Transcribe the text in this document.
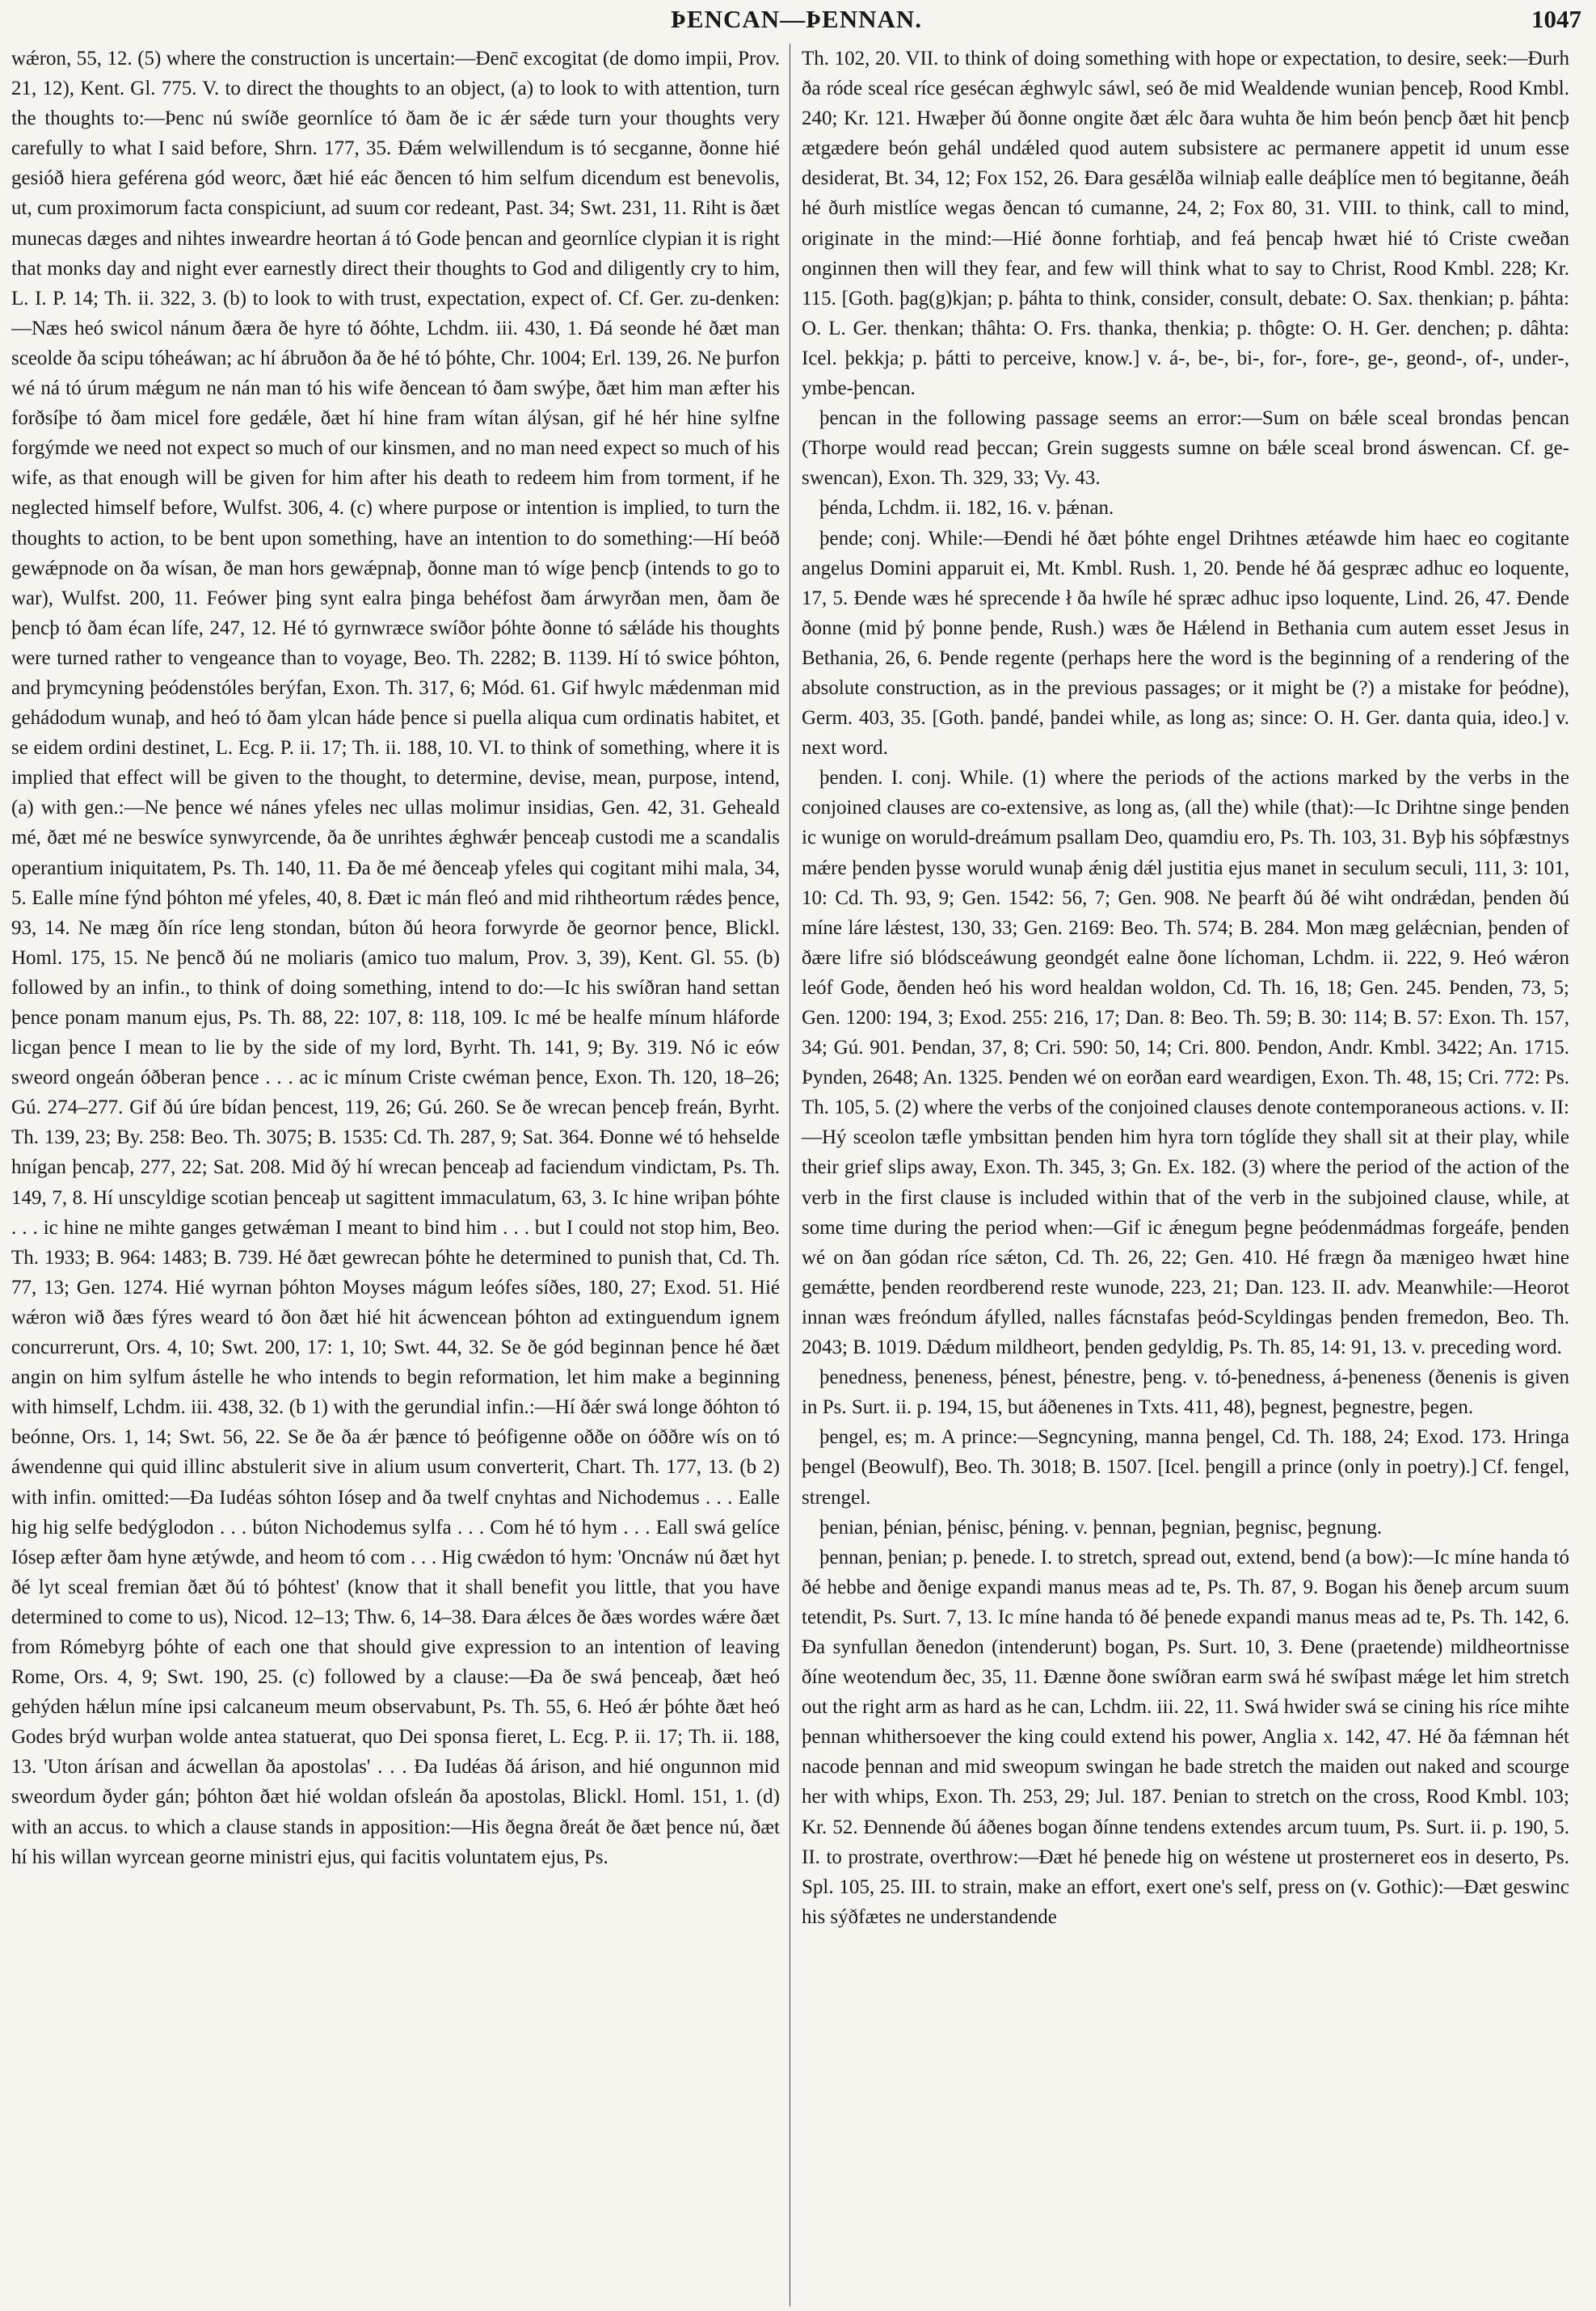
ÞENCAN—ÞENNAN.	1047

wǽron, 55, 12. (5) where the construction is uncertain:—Ðenc̄ excogitat (de domo impii, Prov. 21, 12), Kent. Gl. 775. V. to direct the thoughts to an object, (a) to look to with attention, turn the thoughts to:—Þenc nú swíðe geornlíce tó ðam ðe ic ǽr sǽde turn your thoughts very carefully to what I said before, Shrn. 177, 35. Ðǽm welwillendum is tó secganne, ðonne hié gesióð hiera geférena gód weorc, ðæt hié eác ðencen tó him selfum dicendum est benevolis, ut, cum proximorum facta conspiciunt, ad suum cor redeant, Past. 34; Swt. 231, 11. Riht is ðæt munecas dæges and nihtes inweardre heortan á tó Gode þencan and geornlíce clypian it is right that monks day and night ever earnestly direct their thoughts to God and diligently cry to him, L. I. P. 14; Th. ii. 322, 3. (b) to look to with trust, expectation, expect of. Cf. Ger. zu-denken:—Næs heó swicol nánum ðæra ðe hyre tó ðóhte, Lchdm. iii. 430, 1. Ðá seonde hé ðæt man sceolde ða scipu tóheáwan; ac hí ábruðon ða ðe hé tó þóhte, Chr. 1004; Erl. 139, 26. Ne þurfon wé ná tó úrum mǽgum ne nán man tó his wife ðencean tó ðam swýþe, ðæt him man æfter his forðsíþe tó ðam micel fore gedǽle, ðæt hí hine fram wítan álýsan, gif hé hér hine sylfne forgýmde we need not expect so much of our kinsmen, and no man need expect so much of his wife, as that enough will be given for him after his death to redeem him from torment, if he neglected himself before, Wulfst. 306, 4. (c) where purpose or intention is implied, to turn the thoughts to action, to be bent upon something, have an intention to do something:—Hí beóð gewǽpnode on ða wísan, ðe man hors gewǽpnaþ, ðonne man tó wíge þencþ (intends to go to war), Wulfst. 200, 11. Feówer þing synt ealra þinga behéfost ðam árwyrðan men, ðam ðe þencþ tó ðam écan lífe, 247, 12. Hé tó gyrnwræce swíðor þóhte ðonne tó sǽláde his thoughts were turned rather to vengeance than to voyage, Beo. Th. 2282; B. 1139. Hí tó swice þóhton, and þrymcyning þeódenstóles berýfan, Exon. Th. 317, 6; Mód. 61. Gif hwylc mǽdenman mid gehádodum wunaþ, and heó tó ðam ylcan háde þence si puella aliqua cum ordinatis habitet, et se eidem ordini destinet, L. Ecg. P. ii. 17; Th. ii. 188, 10. VI. to think of something, where it is implied that effect will be given to the thought, to determine, devise, mean, purpose, intend, (a) with gen.:—Ne þence wé nánes yfeles nec ullas molimur insidias, Gen. 42, 31. Geheald mé, ðæt mé ne beswíce synwyrcende, ða ðe unrihtes ǽghwǽr þenceaþ custodi me a scandalis operantium iniquitatem, Ps. Th. 140, 11. Ða ðe mé ðenceaþ yfeles qui cogitant mihi mala, 34, 5. Ealle míne fýnd þóhton mé yfeles, 40, 8. Ðæt ic mán fleó and mid rihtheortum rǽdes þence, 93, 14. Ne mæg ðín ríce leng stondan, búton ðú heora forwyrde ðe geornor þence, Blickl. Homl. 175, 15. Ne þencð ðú ne moliaris (amico tuo malum, Prov. 3, 39), Kent. Gl. 55. (b) followed by an infin., to think of doing something, intend to do:—Ic his swíðran hand settan þence ponam manum ejus, Ps. Th. 88, 22: 107, 8: 118, 109. Ic mé be healfe mínum hláforde licgan þence I mean to lie by the side of my lord, Byrht. Th. 141, 9; By. 319. Nó ic eów sweord ongeán óðberan þence . . . ac ic mínum Criste cwéman þence, Exon. Th. 120, 18–26; Gú. 274–277. Gif ðú úre bídan þencest, 119, 26; Gú. 260. Se ðe wrecan þenceþ freán, Byrht. Th. 139, 23; By. 258: Beo. Th. 3075; B. 1535: Cd. Th. 287, 9; Sat. 364. Ðonne wé tó hehselde hnígan þencaþ, 277, 22; Sat. 208. Mid ðý hí wrecan þenceaþ ad faciendum vindictam, Ps. Th. 149, 7, 8. Hí unscyldige scotian þenceaþ ut sagittent immaculatum, 63, 3. Ic hine wriþan þóhte . . . ic hine ne mihte ganges getwǽman I meant to bind him . . . but I could not stop him, Beo. Th. 1933; B. 964: 1483; B. 739. Hé ðæt gewrecan þóhte he determined to punish that, Cd. Th. 77, 13; Gen. 1274. Hié wyrnan þóhton Moyses mágum leófes síðes, 180, 27; Exod. 51. Hié wǽron wið ðæs fýres weard tó ðon ðæt hié hit ácwencean þóhton ad extinguendum ignem concurrerunt, Ors. 4, 10; Swt. 200, 17: 1, 10; Swt. 44, 32. Se ðe gód beginnan þence hé ðæt angin on him sylfum ástelle he who intends to begin reformation, let him make a beginning with himself, Lchdm. iii. 438, 32. (b 1) with the gerundial infin.:—Hí ðǽr swá longe ðóhton tó beónne, Ors. 1, 14; Swt. 56, 22. Se ðe ða ǽr þænce tó þeófigenne oððe on óððre wís on tó áwendenne qui quid illinc abstulerit sive in alium usum converterit, Chart. Th. 177, 13. (b 2) with infin. omitted:—Ða Iudéas sóhton Iósep and ða twelf cnyhtas and Nichodemus . . . Ealle hig hig selfe bedýglodon . . . búton Nichodemus sylfa . . . Com hé tó hym . . . Eall swá gelíce Iósep æfter ðam hyne ætýwde, and heom tó com . . . Hig cwǽdon tó hym: 'Oncnáw nú ðæt hyt ðé lyt sceal fremian ðæt ðú tó þóhtest' (know that it shall benefit you little, that you have determined to come to us), Nicod. 12–13; Thw. 6, 14–38. Ðara ǽlces ðe ðæs wordes wǽre ðæt from Rómebyrg þóhte of each one that should give expression to an intention of leaving Rome, Ors. 4, 9; Swt. 190, 25. (c) followed by a clause:—Ða ðe swá þenceaþ, ðæt heó gehýden hǽlun míne ipsi calcaneum meum observabunt, Ps. Th. 55, 6. Heó ǽr þóhte ðæt heó Godes brýd wurþan wolde antea statuerat, quo Dei sponsa fieret, L. Ecg. P. ii. 17; Th. ii. 188, 13. 'Uton árísan and ácwellan ða apostolas' . . . Ða Iudéas ðá árison, and hié ongunnon mid sweordum ðyder gán; þóhton ðæt hié woldan ofsleán ða apostolas, Blickl. Homl. 151, 1. (d) with an accus. to which a clause stands in apposition:—His ðegna ðreát ðe ðæt þence nú, ðæt hí his willan wyrcean georne ministri ejus, qui facitis voluntatem ejus, Ps.

Th. 102, 20. VII. to think of doing something with hope or expectation, to desire, seek:—Ðurh ða róde sceal ríce gesécan ǽghwylc sáwl, seó ðe mid Wealdende wunian þenceþ, Rood Kmbl. 240; Kr. 121. Hwæþer ðú ðonne ongite ðæt ǽlc ðara wuhta ðe him beón þencþ ðæt hit þencþ ætgædere beón gehál undǽled quod autem subsistere ac permanere appetit id unum esse desiderat, Bt. 34, 12; Fox 152, 26. Ðara gesǽlða wilniaþ ealle deáþlíce men tó begitanne, ðeáh hé ðurh mistlíce wegas ðencan tó cumanne, 24, 2; Fox 80, 31. VIII. to think, call to mind, originate in the mind:—Hié ðonne forhtiaþ, and feá þencaþ hwæt hié tó Criste cweðan onginnen then will they fear, and few will think what to say to Christ, Rood Kmbl. 228; Kr. 115. [Goth. þag(g)kjan; p. þáhta to think, consider, consult, debate: O. Sax. thenkian; p. þáhta: O. L. Ger. thenkan; thâhta: O. Frs. thanka, thenkia; p. thôgte: O. H. Ger. denchen; p. dâhta: Icel. þekkja; p. þátti to perceive, know.] v. á-, be-, bi-, for-, fore-, ge-, geond-, of-, under-, ymbe-þencan.

þencan in the following passage seems an error:—Sum on bǽle sceal brondas þencan (Thorpe would read þeccan; Grein suggests sumne on bǽle sceal brond áswencan. Cf. ge-swencan), Exon. Th. 329, 33; Vy. 43.

þénda, Lchdm. ii. 182, 16. v. þǽnan.

þende; conj. While:—Ðendi hé ðæt þóhte engel Drihtnes ætéawde him haec eo cogitante angelus Domini apparuit ei, Mt. Kmbl. Rush. 1, 20. Þende hé ðá gespræc adhuc eo loquente, 17, 5. Ðende wæs hé sprecende ł ða hwíle hé spræc adhuc ipso loquente, Lind. 26, 47. Ðende ðonne (mid þý þonne þende, Rush.) wæs ðe Hǽlend in Bethania cum autem esset Jesus in Bethania, 26, 6. Þende regente (perhaps here the word is the beginning of a rendering of the absolute construction, as in the previous passages; or it might be (?) a mistake for þeódne), Germ. 403, 35. [Goth. þandé, þandei while, as long as; since: O. H. Ger. danta quia, ideo.] v. next word.

þenden. I. conj. While. (1) where the periods of the actions marked by the verbs in the conjoined clauses are co-extensive, as long as, (all the) while (that):—Ic Drihtne singe þenden ic wunige on woruld-dreámum psallam Deo, quamdiu ero, Ps. Th. 103, 31. Byþ his sóþfæstnys mǽre þenden þysse woruld wunaþ ǽnig dǽl justitia ejus manet in seculum seculi, 111, 3: 101, 10: Cd. Th. 93, 9; Gen. 1542: 56, 7; Gen. 908. Ne þearft ðú ðé wiht ondrǽdan, þenden ðú míne láre lǽstest, 130, 33; Gen. 2169: Beo. Th. 574; B. 284. Mon mæg gelǽcnian, þenden of ðære lifre sió blódsceáwung geondgét ealne ðone líchoman, Lchdm. ii. 222, 9. Heó wǽron leóf Gode, ðenden heó his word healdan woldon, Cd. Th. 16, 18; Gen. 245. Þenden, 73, 5; Gen. 1200: 194, 3; Exod. 255: 216, 17; Dan. 8: Beo. Th. 59; B. 30: 114; B. 57: Exon. Th. 157, 34; Gú. 901. Þendan, 37, 8; Cri. 590: 50, 14; Cri. 800. Þendon, Andr. Kmbl. 3422; An. 1715. Þynden, 2648; An. 1325. Þenden wé on eorðan eard weardigen, Exon. Th. 48, 15; Cri. 772: Ps. Th. 105, 5. (2) where the verbs of the conjoined clauses denote contemporaneous actions. v. II:—Hý sceolon tæfle ymbsittan þenden him hyra torn tóglíde they shall sit at their play, while their grief slips away, Exon. Th. 345, 3; Gn. Ex. 182. (3) where the period of the action of the verb in the first clause is included within that of the verb in the subjoined clause, while, at some time during the period when:—Gif ic ǽnegum þegne þeódenmádmas forgeáfe, þenden wé on ðan gódan ríce sǽton, Cd. Th. 26, 22; Gen. 410. Hé frægn ða mænigeo hwæt hine gemǽtte, þenden reordberend reste wunode, 223, 21; Dan. 123. II. adv. Meanwhile:—Heorot innan wæs freóndum áfylled, nalles fácnstafas þeód-Scyldingas þenden fremedon, Beo. Th. 2043; B. 1019. Dǽdum mildheort, þenden gedyldig, Ps. Th. 85, 14: 91, 13. v. preceding word.

þenedness, þeneness, þénest, þénestre, þeng. v. tó-þenedness, á-þeneness (ðenenis is given in Ps. Surt. ii. p. 194, 15, but áðenenes in Txts. 411, 48), þegnest, þegnestre, þegen.

þengel, es; m. A prince:—Segncyning, manna þengel, Cd. Th. 188, 24; Exod. 173. Hringa þengel (Beowulf), Beo. Th. 3018; B. 1507. [Icel. þengill a prince (only in poetry).] Cf. fengel, strengel.

þenian, þénian, þénisc, þéning. v. þennan, þegnian, þegnisc, þegnung.

þennan, þenian; p. þenede. I. to stretch, spread out, extend, bend (a bow):—Ic míne handa tó ðé hebbe and ðenige expandi manus meas ad te, Ps. Th. 87, 9. Bogan his ðeneþ arcum suum tetendit, Ps. Surt. 7, 13. Ic míne handa tó ðé þenede expandi manus meas ad te, Ps. Th. 142, 6. Ða synfullan ðenedon (intenderunt) bogan, Ps. Surt. 10, 3. Ðene (praetende) mildheortnisse ðíne weotendum ðec, 35, 11. Ðænne ðone swíðran earm swá hé swíþast mǽge let him stretch out the right arm as hard as he can, Lchdm. iii. 22, 11. Swá hwider swá se cining his ríce mihte þennan whithersoever the king could extend his power, Anglia x. 142, 47. Hé ða fǽmnan hét nacode þennan and mid sweopum swingan he bade stretch the maiden out naked and scourge her with whips, Exon. Th. 253, 29; Jul. 187. Þenian to stretch on the cross, Rood Kmbl. 103; Kr. 52. Ðennende ðú áðenes bogan ðínne tendens extendes arcum tuum, Ps. Surt. ii. p. 190, 5. II. to prostrate, overthrow:—Ðæt hé þenede hig on wéstene ut prosterneret eos in deserto, Ps. Spl. 105, 25. III. to strain, make an effort, exert one's self, press on (v. Gothic):—Ðæt geswinc his sýðfætes ne understandende
